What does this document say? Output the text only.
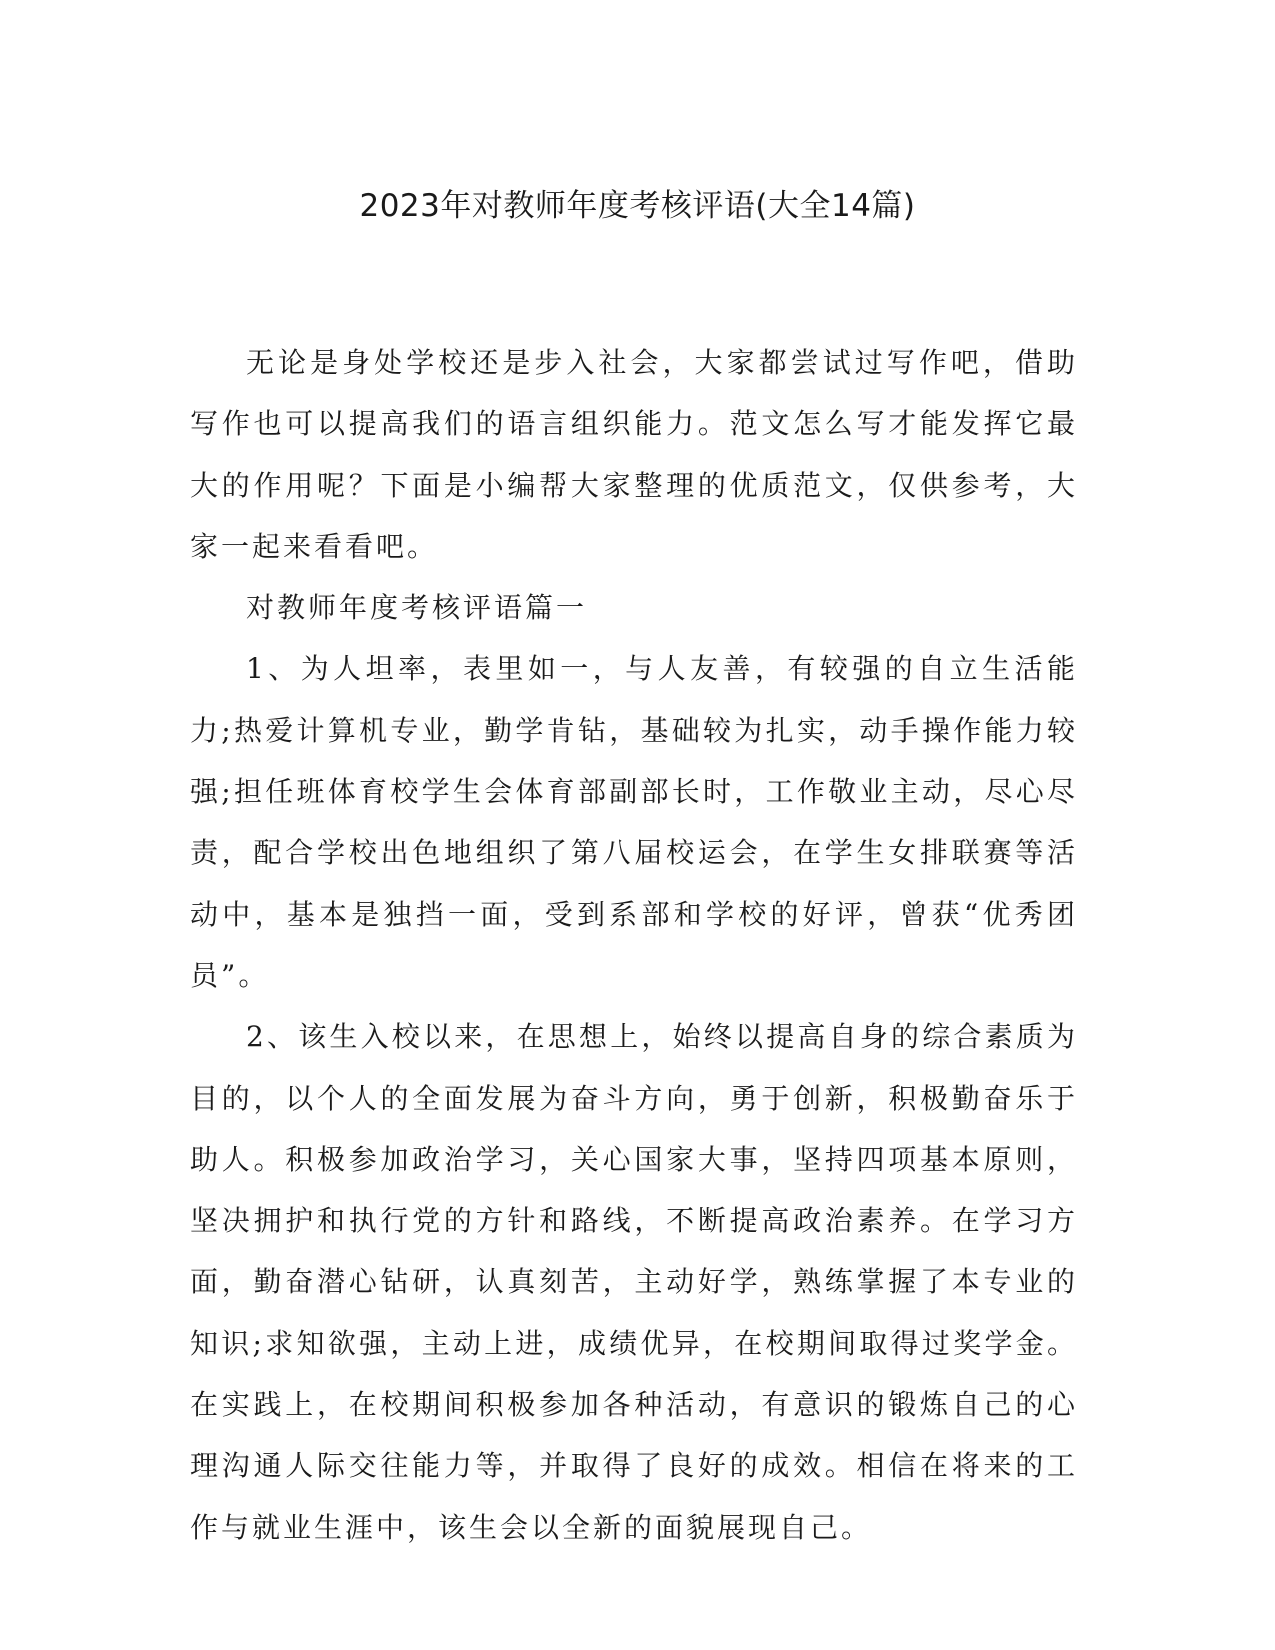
2023年对教师年度考核评语(大全14篇)

无论是身处学校还是步入社会，大家都尝试过写作吧，借助写作也可以提高我们的语言组织能力。范文怎么写才能发挥它最大的作用呢？下面是小编帮大家整理的优质范文，仅供参考，大家一起来看看吧。

对教师年度考核评语篇一

1、为人坦率，表里如一，与人友善，有较强的自立生活能力;热爱计算机专业，勤学肯钻，基础较为扎实，动手操作能力较强;担任班体育校学生会体育部副部长时，工作敬业主动，尽心尽责，配合学校出色地组织了第八届校运会，在学生女排联赛等活动中，基本是独挡一面，受到系部和学校的好评，曾获“优秀团员”。

2、该生入校以来，在思想上，始终以提高自身的综合素质为目的，以个人的全面发展为奋斗方向，勇于创新，积极勤奋乐于助人。积极参加政治学习，关心国家大事，坚持四项基本原则，坚决拥护和执行党的方针和路线，不断提高政治素养。在学习方面，勤奋潜心钻研，认真刻苦，主动好学，熟练掌握了本专业的知识;求知欲强，主动上进，成绩优异，在校期间取得过奖学金。在实践上，在校期间积极参加各种活动，有意识的锻炼自己的心理沟通人际交往能力等，并取得了良好的成效。相信在将来的工作与就业生涯中，该生会以全新的面貌展现自己。
